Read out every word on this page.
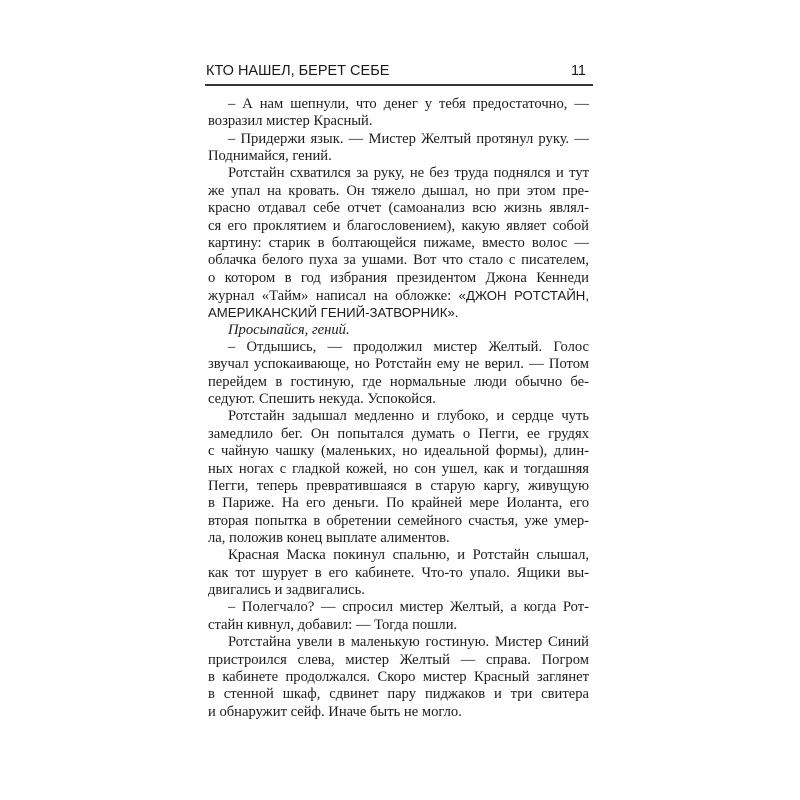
КТО НАШЕЛ, БЕРЕТ СЕБЕ	11
– А нам шепнули, что денег у тебя предостаточно, —
возразил мистер Красный.
– Придержи язык. — Мистер Желтый протянул руку. —
Поднимайся, гений.
Ротстайн схватился за руку, не без труда поднялся и тут
же упал на кровать. Он тяжело дышал, но при этом пре-
красно отдавал себе отчет (самоанализ всю жизнь являл-
ся его проклятием и благословением), какую являет собой
картину: старик в болтающейся пижаме, вместо волос —
облачка белого пуха за ушами. Вот что стало с писателем,
о котором в год избрания президентом Джона Кеннеди
журнал «Тайм» написал на обложке: «ДЖОН РОТСТАЙН,
АМЕРИКАНСКИЙ ГЕНИЙ-ЗАТВОРНИК».
Просыпайся, гений.
– Отдышись, — продолжил мистер Желтый. Голос
звучал успокаивающе, но Ротстайн ему не верил. — Потом
перейдем в гостиную, где нормальные люди обычно бе-
седуют. Спешить некуда. Успокойся.
Ротстайн задышал медленно и глубоко, и сердце чуть
замедлило бег. Он попытался думать о Пегги, ее грудях
с чайную чашку (маленьких, но идеальной формы), длин-
ных ногах с гладкой кожей, но сон ушел, как и тогдашняя
Пегги, теперь превратившаяся в старую каргу, живущую
в Париже. На его деньги. По крайней мере Иоланта, его
вторая попытка в обретении семейного счастья, уже умер-
ла, положив конец выплате алиментов.
Красная Маска покинул спальню, и Ротстайн слышал,
как тот шурует в его кабинете. Что-то упало. Ящики вы-
двигались и задвигались.
– Полегчало? — спросил мистер Желтый, а когда Рот-
стайн кивнул, добавил: — Тогда пошли.
Ротстайна увели в маленькую гостиную. Мистер Синий
пристроился слева, мистер Желтый — справа. Погром
в кабинете продолжался. Скоро мистер Красный заглянет
в стенной шкаф, сдвинет пару пиджаков и три свитера
и обнаружит сейф. Иначе быть не могло.
